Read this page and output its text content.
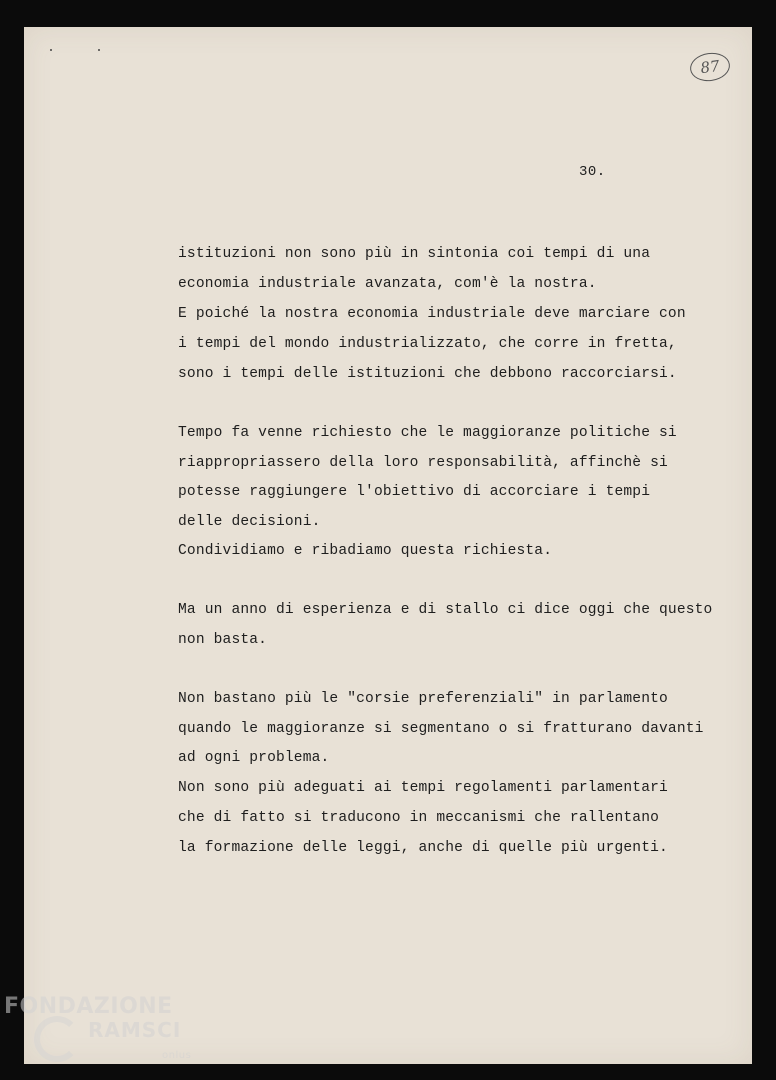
87
30.
istituzioni non sono più in sintonia coi tempi di una
economia industriale avanzata, com'è la nostra.
E poiché la nostra economia industriale deve marciare con
i tempi del mondo industrializzato, che corre in fretta,
sono i tempi delle istituzioni che debbono raccorciarsi.
Tempo fa venne richiesto che le maggioranze politiche si
riappropriassero della loro responsabilità, affinchè si
potesse raggiungere l'obiettivo di accorciare i tempi
delle decisioni.
Condividiamo e ribadiamo questa richiesta.
Ma un anno di esperienza e di stallo ci dice oggi che questo
non basta.
Non bastano più le "corsie preferenziali" in parlamento
quando le maggioranze si segmentano o si fratturano davanti
ad ogni problema.
Non sono più adeguati ai tempi regolamenti parlamentari
che di fatto si traducono in meccanismi che rallentano
la formazione delle leggi, anche di quelle più urgenti.
FONDAZIONE
RAMSCI
onlus
